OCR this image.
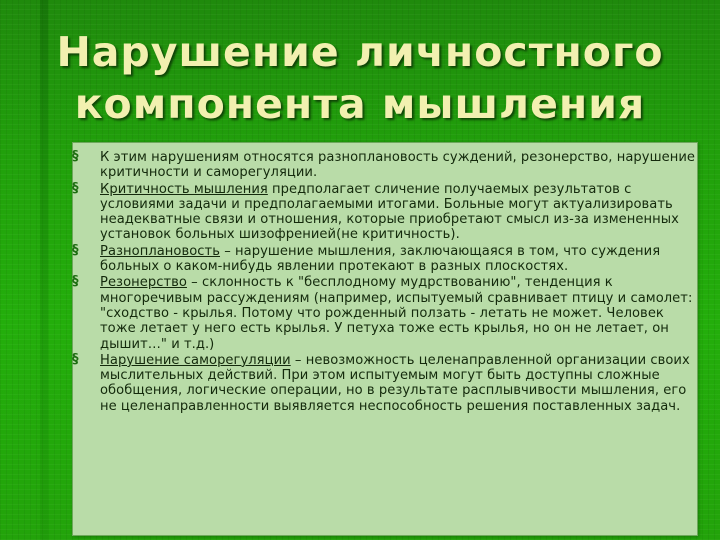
Нарушение личностного
компонента мышления
§	К этим нарушениям относятся разноплановость суждений, резонерство, нарушение критичности и саморегуляции.
§	Критичность мышления предполагает сличение получаемых результатов с условиями задачи и предполагаемыми итогами. Больные могут актуализировать неадекватные связи и отношения, которые приобретают смысл из-за измененных установок больных шизофренией(не критичность).
§	Разноплановость – нарушение мышления, заключающаяся в том, что суждения больных о каком-нибудь явлении протекают в разных плоскостях.
§	Резонерство – склонность к "бесплодному мудрствованию", тенденция к многоречивым рассуждениям (например, испытуемый сравнивает птицу и самолет: "сходство - крылья. Потому что рожденный ползать - летать не может. Человек тоже летает у него есть крылья. У петуха тоже есть крылья, но он не летает, он дышит…" и т.д.)
§	Нарушение саморегуляции – невозможность целенаправленной организации своих мыслительных действий. При этом испытуемым могут быть доступны сложные обобщения, логические операции, но в результате расплывчивости мышления, его не целенаправленности выявляется неспособность решения поставленных задач.
